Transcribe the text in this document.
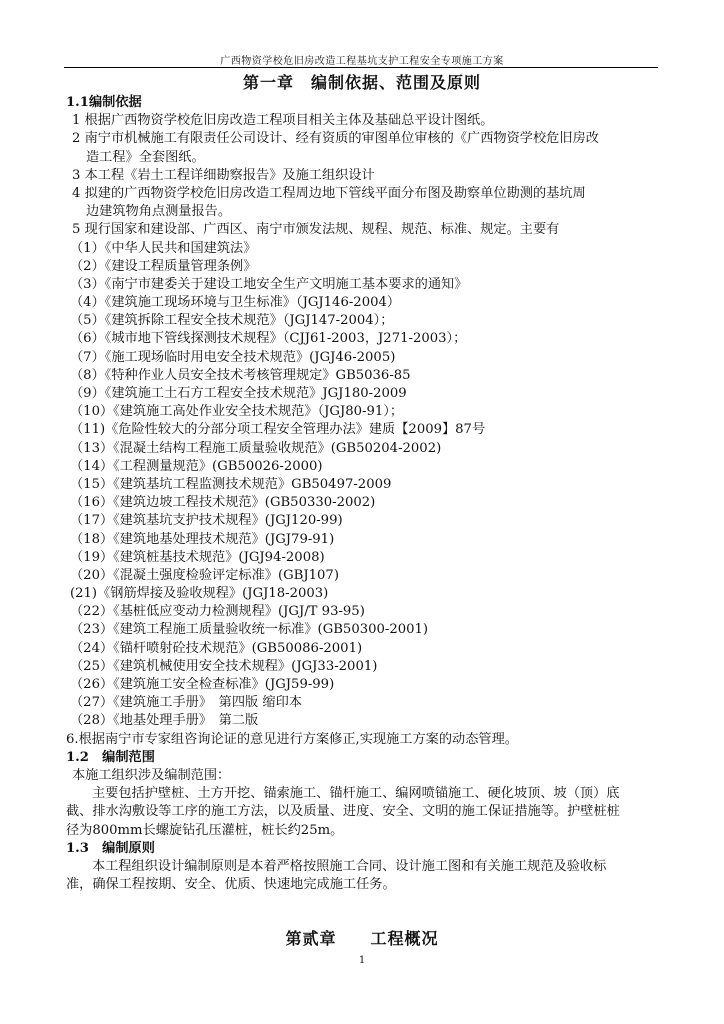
广西物资学校危旧房改造工程基坑支护工程安全专项施工方案
第一章　编制依据、范围及原则
1.1编制依据
1 根据广西物资学校危旧房改造工程项目相关主体及基础总平设计图纸。
2 南宁市机械施工有限责任公司设计、经有资质的审图单位审核的《广西物资学校危旧房改
造工程》全套图纸。
3 本工程《岩土工程详细勘察报告》及施工组织设计
4 拟建的广西物资学校危旧房改造工程周边地下管线平面分布图及勘察单位勘测的基坑周
边建筑物角点测量报告。
5 现行国家和建设部、广西区、南宁市颁发法规、规程、规范、标准、规定。主要有
（1）《中华人民共和国建筑法》
（2）《建设工程质量管理条例》
（3）《南宁市建委关于建设工地安全生产文明施工基本要求的通知》
（4）《建筑施工现场环境与卫生标准》（JGJ146-2004）
（5）《建筑拆除工程安全技术规范》（JGJ147-2004）；
（6）《城市地下管线探测技术规程》（CJJ61-2003，J271-2003）；
（7）《施工现场临时用电安全技术规范》(JGJ46-2005)
（8）《特种作业人员安全技术考核管理规定》GB5036-85
（9）《建筑施工土石方工程安全技术规范》JGJ180-2009
（10）《建筑施工高处作业安全技术规范》（JGJ80-91）；
（11)《危险性较大的分部分项工程安全管理办法》建质【2009】87号
（13）《混凝土结构工程施工质量验收规范》(GB50204-2002)
（14）《工程测量规范》(GB50026-2000)
（15）《建筑基坑工程监测技术规范》GB50497-2009
（16）《建筑边坡工程技术规范》(GB50330-2002)
（17）《建筑基坑支护技术规程》(JGJ120-99)
（18）《建筑地基处理技术规范》(JGJ79-91)
（19）《建筑桩基技术规范》(JGJ94-2008)
（20）《混凝土强度检验评定标准》(GBJ107)
(21)《钢筋焊接及验收规程》(JGJ18-2003)
（22）《基桩低应变动力检测规程》(JGJ/T 93-95)
（23）《建筑工程施工质量验收统一标准》(GB50300-2001)
（24）《锚杆喷射砼技术规范》(GB50086-2001)
（25）《建筑机械使用安全技术规程》(JGJ33-2001)
（26）《建筑施工安全检查标准》(JGJ59-99)
（27）《建筑施工手册》　第四版 缩印本
（28）《地基处理手册》　第二版
6.根据南宁市专家组咨询论证的意见进行方案修正,实现施工方案的动态管理。
1.2　编制范围
本施工组织涉及编制范围：
主要包括护壁桩、土方开挖、锚索施工、锚杆施工、编网喷锚施工、硬化坡顶、坡（顶）底
截、排水沟敷设等工序的施工方法，以及质量、进度、安全、文明的施工保证措施等。护壁桩桩
径为800mm长螺旋钻孔压灌桩，桩长约25m。
1.3　编制原则
本工程组织设计编制原则是本着严格按照施工合同、设计施工图和有关施工规范及验收标
准，确保工程按期、安全、优质、快速地完成施工任务。
第贰章　　工程概况
1
